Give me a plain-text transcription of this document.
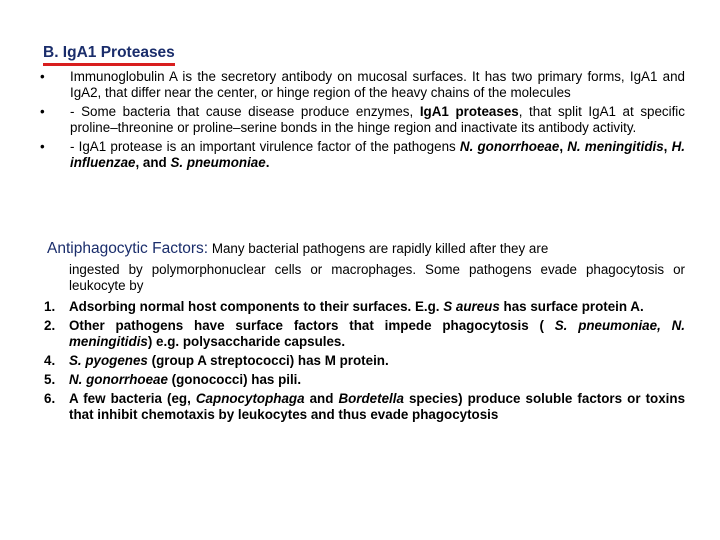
B. IgA1 Proteases
• Immunoglobulin A is the secretory antibody on mucosal surfaces. It has two primary forms, IgA1 and IgA2, that differ near the center, or hinge region of the heavy chains of the molecules
• - Some bacteria that cause disease produce enzymes, IgA1 proteases, that split IgA1 at specific proline–threonine or proline–serine bonds in the hinge region and inactivate its antibody activity.
• - IgA1 protease is an important virulence factor of the pathogens N. gonorrhoeae, N. meningitidis, H. influenzae, and S. pneumoniae.

Antiphagocytic Factors: Many bacterial pathogens are rapidly killed after they are

ingested by polymorphonuclear cells or macrophages. Some pathogens evade phagocytosis or leukocyte by

1. Adsorbing normal host components to their surfaces. E.g. S aureus has surface protein A.
2. Other pathogens have surface factors that impede phagocytosis ( S. pneumoniae, N. meningitidis) e.g. polysaccharide capsules.
4. S. pyogenes (group A streptococci) has M protein.
5. N. gonorrhoeae (gonococci) has pili.
6. A few bacteria (eg, Capnocytophaga and Bordetella species) produce soluble factors or toxins that inhibit chemotaxis by leukocytes and thus evade phagocytosis
